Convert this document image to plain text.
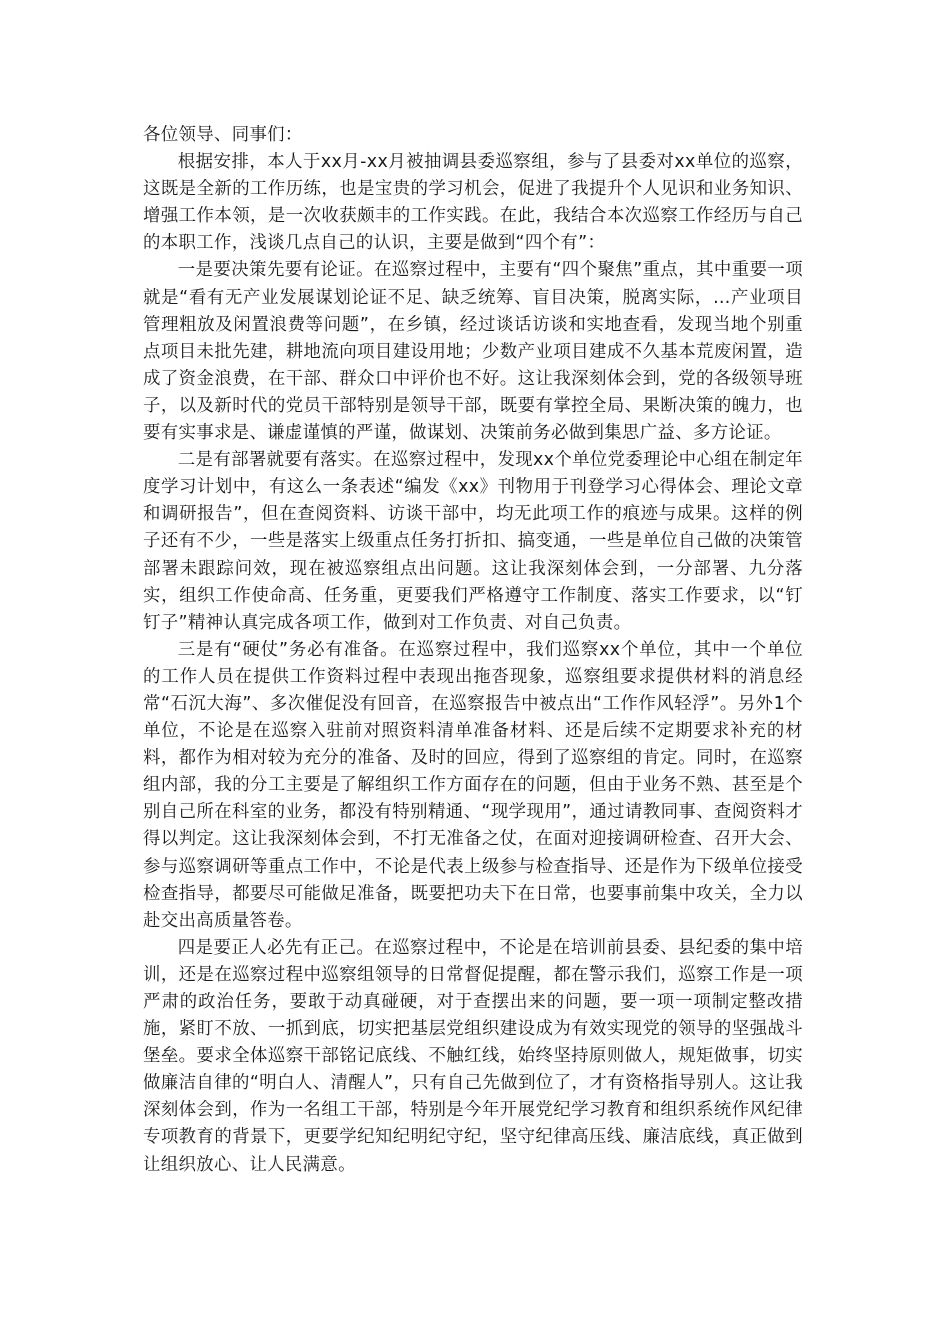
各位领导、同事们：

根据安排，本人于xx月-xx月被抽调县委巡察组，参与了县委对xx单位的巡察，这既是全新的工作历练，也是宝贵的学习机会，促进了我提升个人见识和业务知识、增强工作本领，是一次收获颇丰的工作实践。在此，我结合本次巡察工作经历与自己的本职工作，浅谈几点自己的认识，主要是做到“四个有”：

一是要决策先要有论证。在巡察过程中，主要有“四个聚焦”重点，其中重要一项就是“看有无产业发展谋划论证不足、缺乏统筹、盲目决策，脱离实际，…产业项目管理粗放及闲置浪费等问题”，在乡镇，经过谈话访谈和实地查看，发现当地个别重点项目未批先建，耕地流向项目建设用地；少数产业项目建成不久基本荒废闲置，造成了资金浪费，在干部、群众口中评价也不好。这让我深刻体会到，党的各级领导班子，以及新时代的党员干部特别是领导干部，既要有掌控全局、果断决策的魄力，也要有实事求是、谦虚谨慎的严谨，做谋划、决策前务必做到集思广益、多方论证。

二是有部署就要有落实。在巡察过程中，发现xx个单位党委理论中心组在制定年度学习计划中，有这么一条表述“编发《xx》刊物用于刊登学习心得体会、理论文章和调研报告”，但在查阅资料、访谈干部中，均无此项工作的痕迹与成果。这样的例子还有不少，一些是落实上级重点任务打折扣、搞变通，一些是单位自己做的决策管部署未跟踪问效，现在被巡察组点出问题。这让我深刻体会到，一分部署、九分落实，组织工作使命高、任务重，更要我们严格遵守工作制度、落实工作要求，以“钉钉子”精神认真完成各项工作，做到对工作负责、对自己负责。

三是有“硬仗”务必有准备。在巡察过程中，我们巡察xx个单位，其中一个单位的工作人员在提供工作资料过程中表现出拖沓现象，巡察组要求提供材料的消息经常“石沉大海”、多次催促没有回音，在巡察报告中被点出“工作作风轻浮”。另外1个单位，不论是在巡察入驻前对照资料清单准备材料、还是后续不定期要求补充的材料，都作为相对较为充分的准备、及时的回应，得到了巡察组的肯定。同时，在巡察组内部，我的分工主要是了解组织工作方面存在的问题，但由于业务不熟、甚至是个别自己所在科室的业务，都没有特别精通、“现学现用”，通过请教同事、查阅资料才得以判定。这让我深刻体会到，不打无准备之仗，在面对迎接调研检查、召开大会、参与巡察调研等重点工作中，不论是代表上级参与检查指导、还是作为下级单位接受检查指导，都要尽可能做足准备，既要把功夫下在日常，也要事前集中攻关，全力以赴交出高质量答卷。

四是要正人必先有正己。在巡察过程中，不论是在培训前县委、县纪委的集中培训，还是在巡察过程中巡察组领导的日常督促提醒，都在警示我们，巡察工作是一项严肃的政治任务，要敢于动真碰硬，对于查摆出来的问题，要一项一项制定整改措施，紧盯不放、一抓到底，切实把基层党组织建设成为有效实现党的领导的坚强战斗堡垒。要求全体巡察干部铭记底线、不触红线，始终坚持原则做人，规矩做事，切实做廉洁自律的“明白人、清醒人”，只有自己先做到位了，才有资格指导别人。这让我深刻体会到，作为一名组工干部，特别是今年开展党纪学习教育和组织系统作风纪律专项教育的背景下，更要学纪知纪明纪守纪，坚守纪律高压线、廉洁底线，真正做到让组织放心、让人民满意。
